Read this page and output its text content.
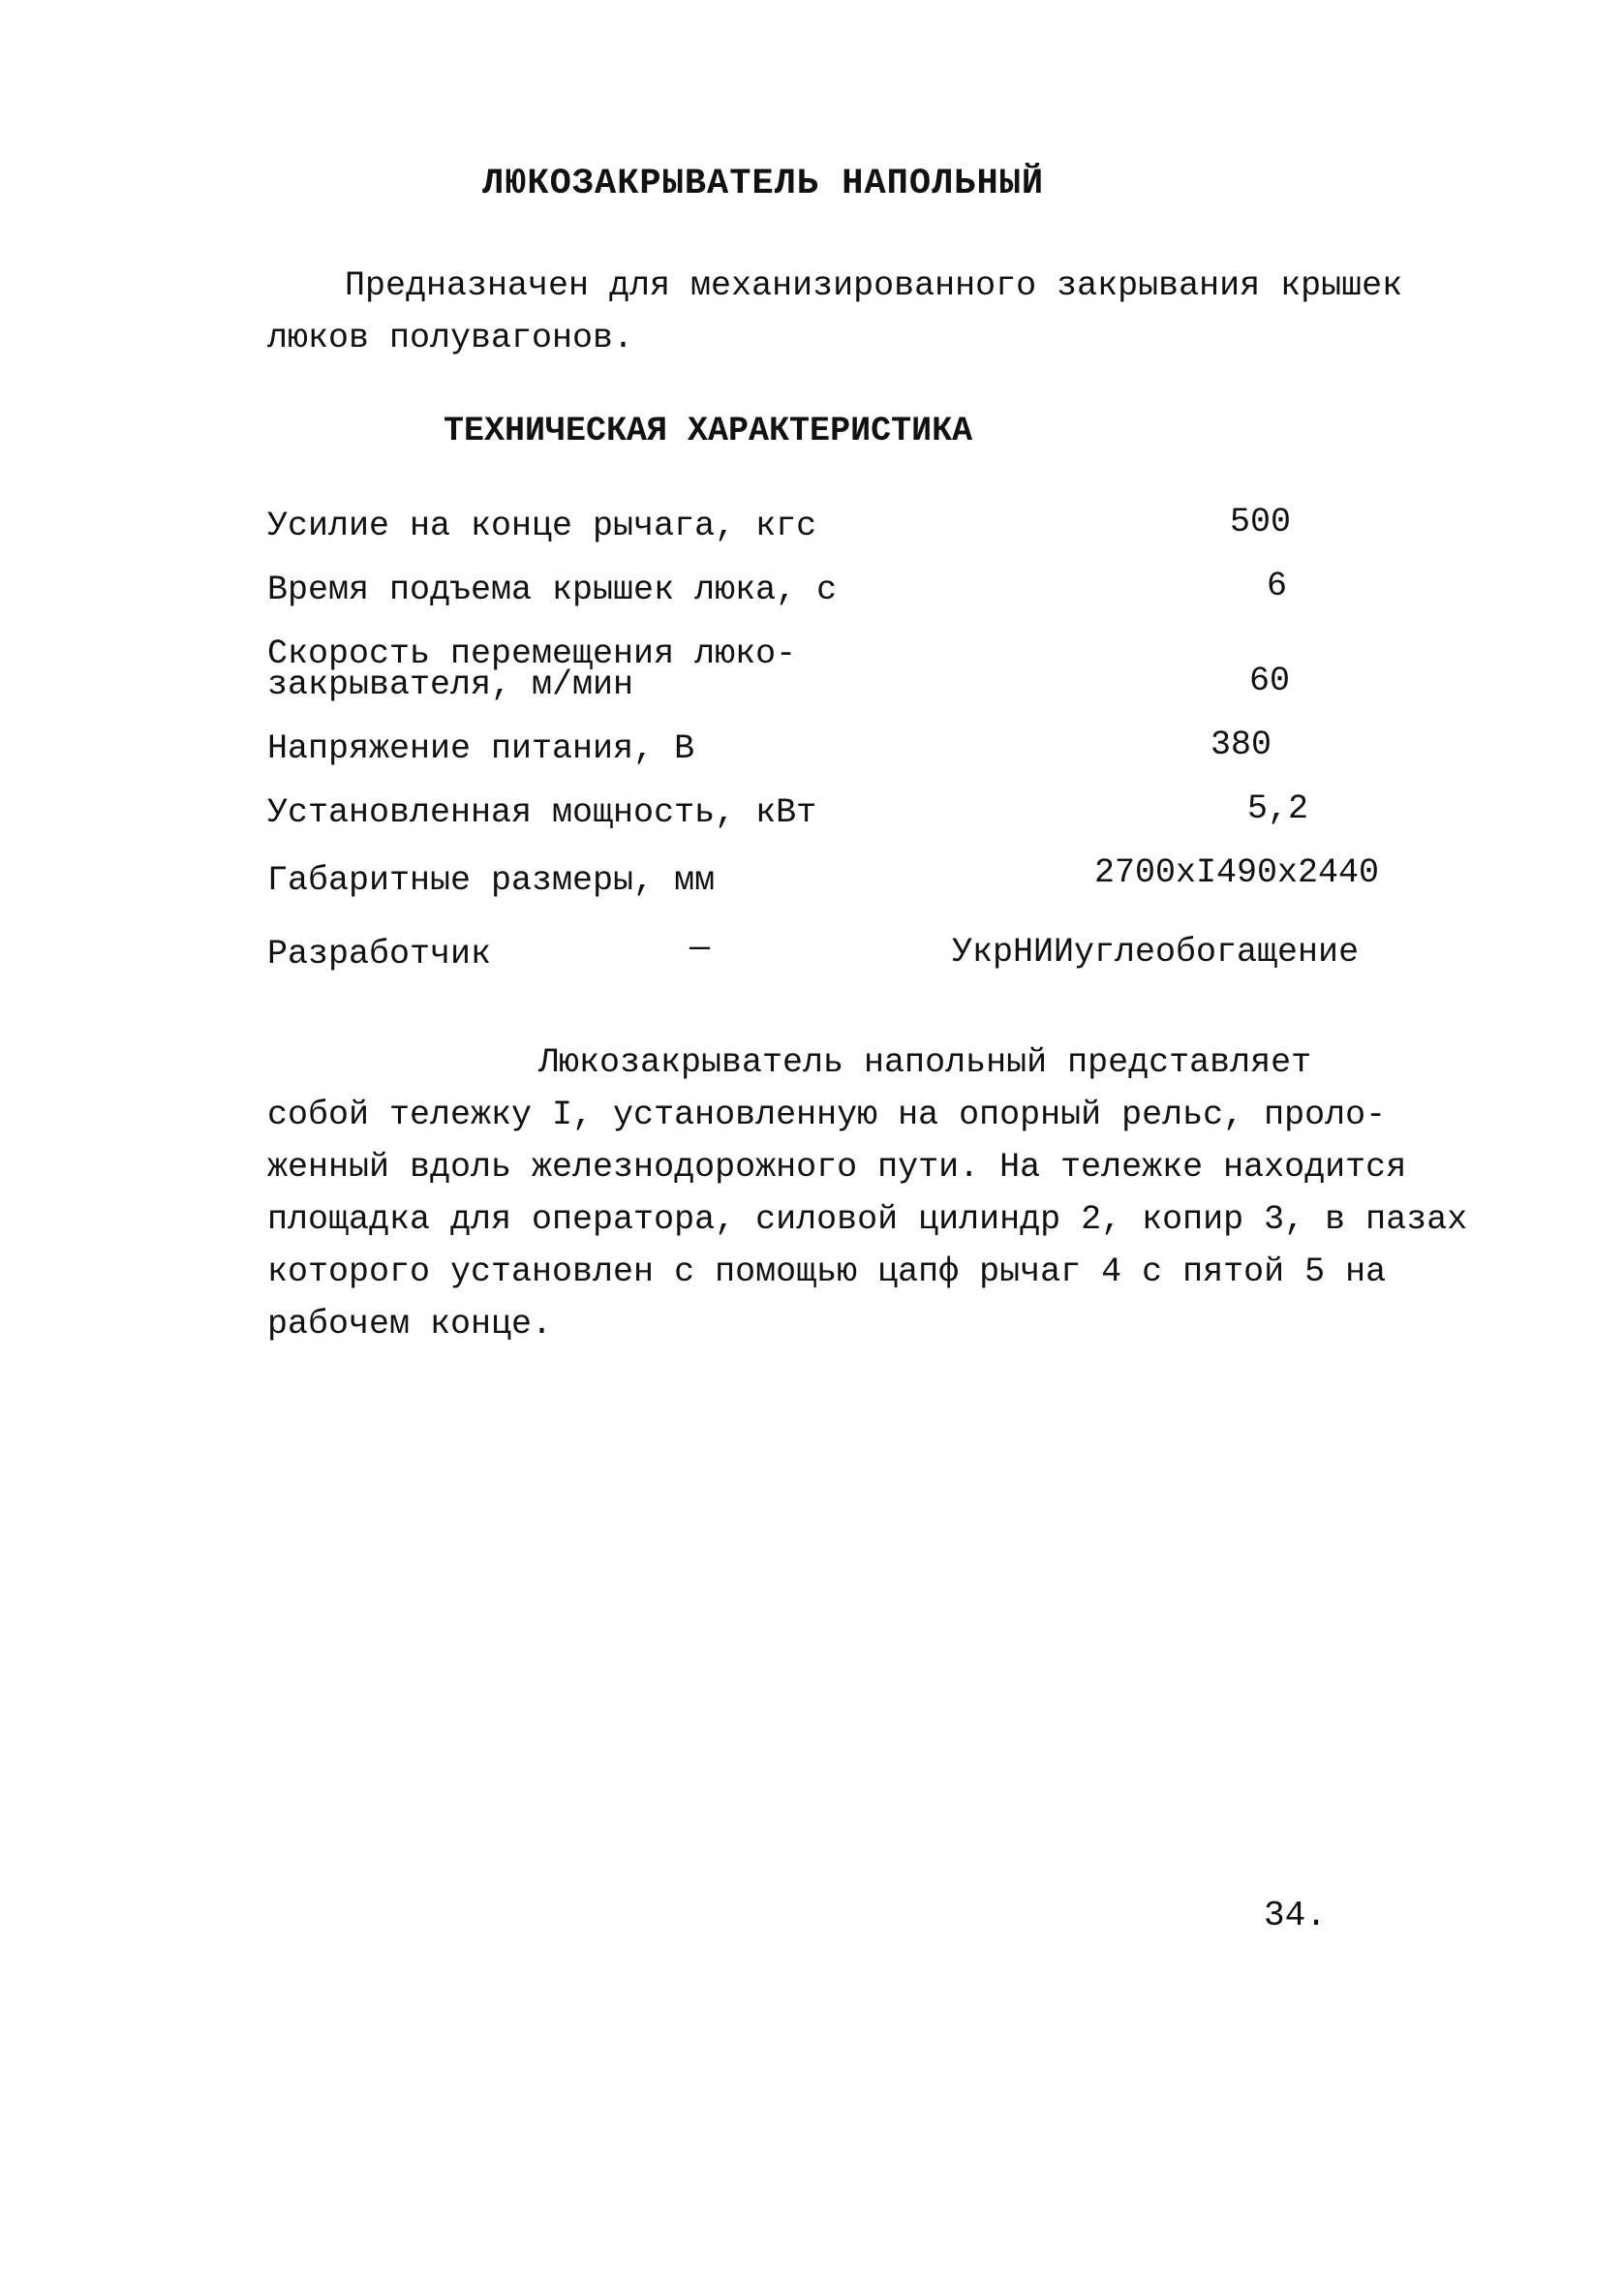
ЛЮКОЗАКРЫВАТЕЛЬ НАПОЛЬНЫЙ
Предназначен для механизированного закрывания крышек
люков полувагонов.
ТЕХНИЧЕСКАЯ ХАРАКТЕРИСТИКА
Усилие на конце рычага, кгс	500
Время подъема крышек люка, с	6
Скорость перемещения люко-
закрывателя, м/мин	60
Напряжение питания, В	380
Установленная мощность, кВт	5,2
Габаритные размеры, мм	2700хI490х2440
Разработчик	—	УкрНИИуглеобогащение
Люкозакрыватель напольный представляет
собой тележку I, установленную на опорный рельс, проло-
женный вдоль железнодорожного пути. На тележке находится
площадка для оператора, силовой цилиндр 2, копир 3, в пазах
которого установлен с помощью цапф рычаг 4 с пятой 5 на
рабочем конце.
34.
